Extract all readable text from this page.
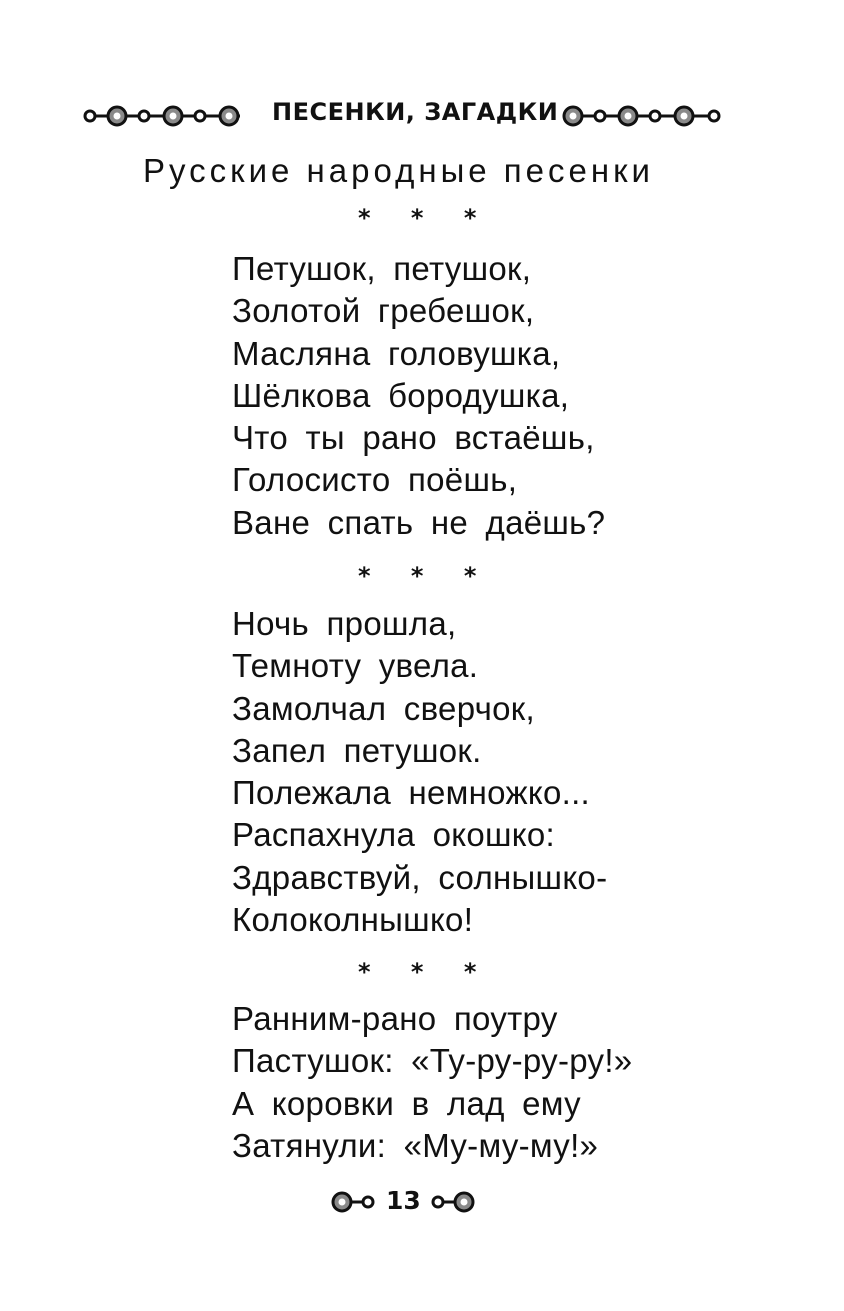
ПЕСЕНКИ, ЗАГАДКИ
Русские народные песенки
* * *
Петушок, петушок,
Золотой гребешок,
Масляна головушка,
Шёлкова бородушка,
Что ты рано встаёшь,
Голосисто поёшь,
Ване спать не даёшь?
* * *
Ночь прошла,
Темноту увела.
Замолчал сверчок,
Запел петушок.
Полежала немножко...
Распахнула окошко:
Здравствуй, солнышко-
Колоколнышко!
* * *
Ранним-рано поутру
Пастушок: «Ту-ру-ру-ру!»
А коровки в лад ему
Затянули: «Му-му-му!»
13
